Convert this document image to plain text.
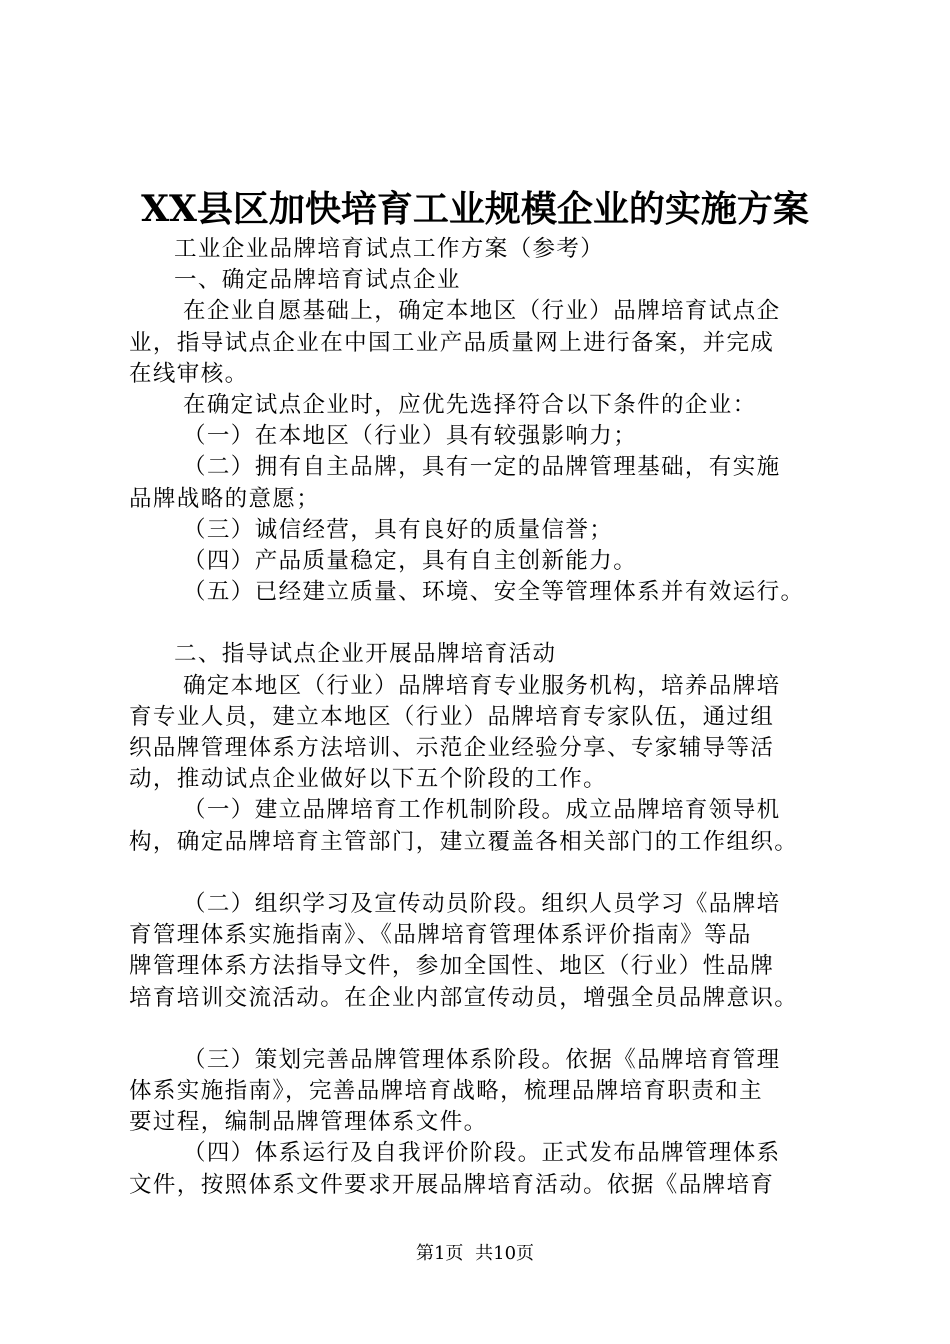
XX县区加快培育工业规模企业的实施方案
工业企业品牌培育试点工作方案（参考）
一、确定品牌培育试点企业
在企业自愿基础上，确定本地区（行业）品牌培育试点企
业，指导试点企业在中国工业产品质量网上进行备案，并完成
在线审核。
在确定试点企业时，应优先选择符合以下条件的企业：
（一）在本地区（行业）具有较强影响力；
（二）拥有自主品牌，具有一定的品牌管理基础，有实施
品牌战略的意愿；
（三）诚信经营，具有良好的质量信誉；
（四）产品质量稳定，具有自主创新能力。
（五）已经建立质量、环境、安全等管理体系并有效运行。
二、指导试点企业开展品牌培育活动
确定本地区（行业）品牌培育专业服务机构，培养品牌培
育专业人员，建立本地区（行业）品牌培育专家队伍，通过组
织品牌管理体系方法培训、示范企业经验分享、专家辅导等活
动，推动试点企业做好以下五个阶段的工作。
（一）建立品牌培育工作机制阶段。成立品牌培育领导机
构，确定品牌培育主管部门，建立覆盖各相关部门的工作组织。
（二）组织学习及宣传动员阶段。组织人员学习《品牌培
育管理体系实施指南》、《品牌培育管理体系评价指南》等品
牌管理体系方法指导文件，参加全国性、地区（行业）性品牌
培育培训交流活动。在企业内部宣传动员，增强全员品牌意识。
（三）策划完善品牌管理体系阶段。依据《品牌培育管理
体系实施指南》，完善品牌培育战略，梳理品牌培育职责和主
要过程，编制品牌管理体系文件。
（四）体系运行及自我评价阶段。正式发布品牌管理体系
文件，按照体系文件要求开展品牌培育活动。依据《品牌培育
第1页 共10页
